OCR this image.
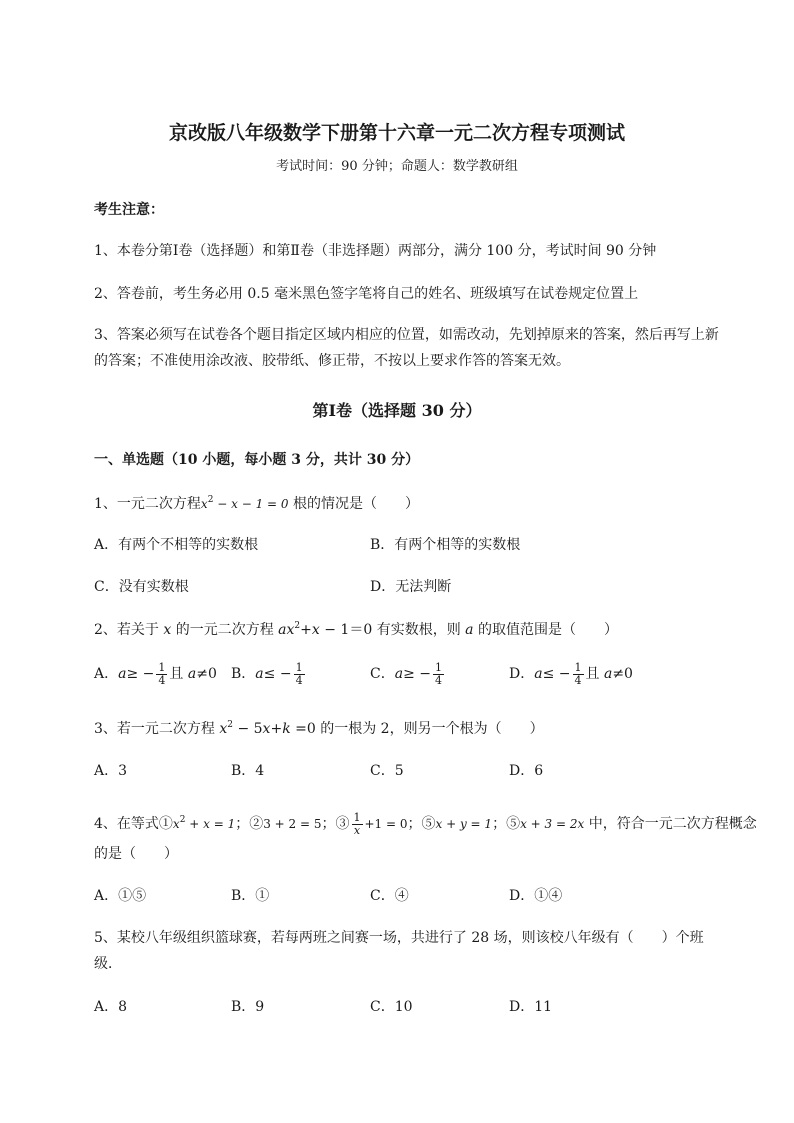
京改版八年级数学下册第十六章一元二次方程专项测试
考试时间：90 分钟；命题人：数学教研组
考生注意：
1、本卷分第Ⅰ卷（选择题）和第Ⅱ卷（非选择题）两部分，满分 100 分，考试时间 90 分钟
2、答卷前，考生务必用 0.5 毫米黑色签字笔将自己的姓名、班级填写在试卷规定位置上
3、答案必须写在试卷各个题目指定区域内相应的位置，如需改动，先划掉原来的答案，然后再写上新
的答案；不准使用涂改液、胶带纸、修正带，不按以上要求作答的答案无效。
第Ⅰ卷（选择题 30 分）
一、单选题（10 小题，每小题 3 分，共计 30 分）
1、一元二次方程$x^2 - x - 1 = 0$ 根的情况是（　　）
A．有两个不相等的实数根	B．有两个相等的实数根
C．没有实数根	D．无法判断
2、若关于 x 的一元二次方程 $ax^2+x - 1=0$ 有实数根，则 a 的取值范围是（　　）
A．$a\ge - \frac{1}{4}$ 且 a≠0 B．$a\le - \frac{1}{4}$	C．$a\ge - \frac{1}{4}$	D．$a\le - \frac{1}{4}$ 且 a≠0
3、若一元二次方程 $x^2 - 5x+k =0$ 的一根为 2，则另一个根为（　　）
A．3	B．4	C．5	D．6
4、在等式$①x^2 + x = 1$；②3 + 2 = 5；③ $\frac{1}{x} +1 = 0$；⑤x + y = 1；⑤x + 3 = 2x 中，符合一元二次方程概念
的是（　　）
A．①⑤	B．①	C．④	D．①④
5、某校八年级组织篮球赛，若每两班之间赛一场，共进行了 28 场，则该校八年级有（　　）个班
级．
A．8	B．9	C．10	D．11
